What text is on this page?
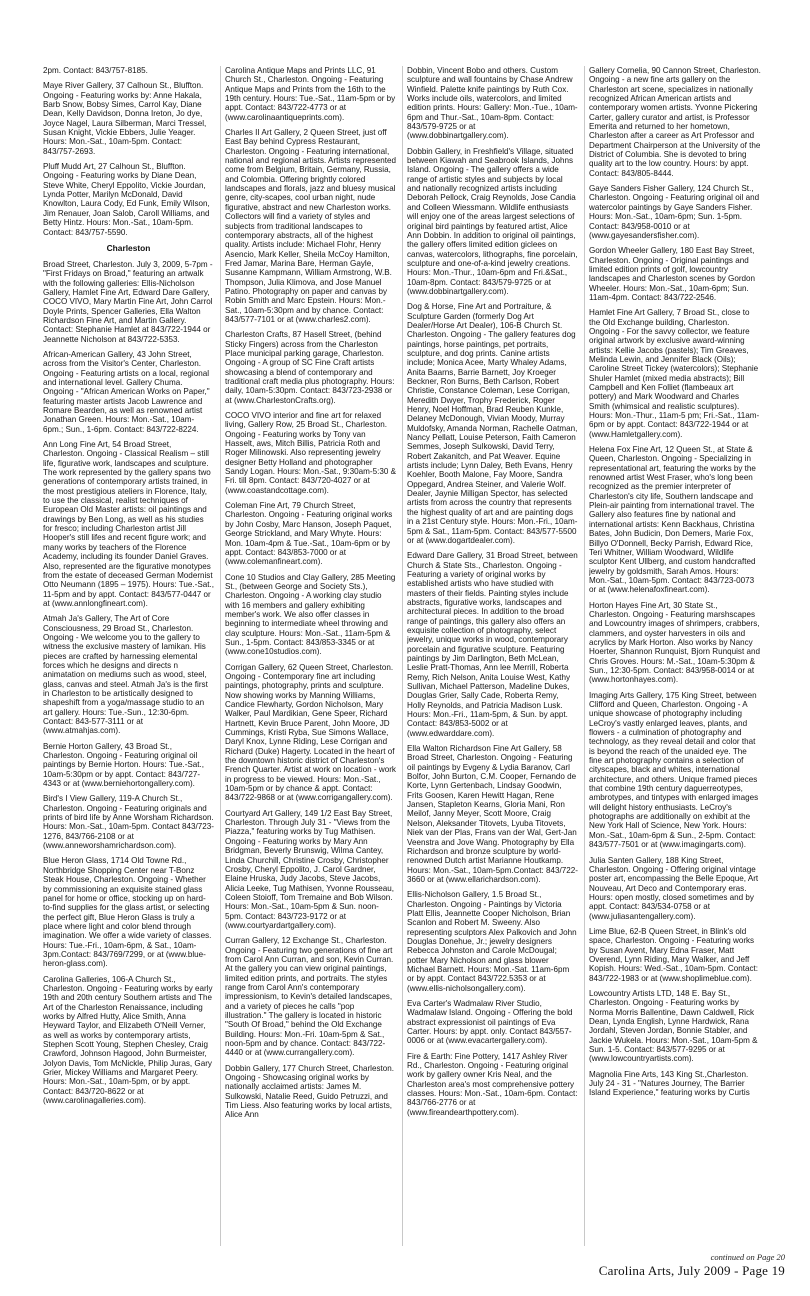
2pm. Contact: 843/757-8185.

Maye River Gallery, 37 Calhoun St., Bluffton. Ongoing - Featuring works by: Anne Hakala, Barb Snow, Bobsy Simes, Carrol Kay, Diane Dean, Kelly Davidson, Donna Ireton, Jo dye, Joyce Nagel, Laura Silberman, Marci Tressel, Susan Knight, Vickie Ebbers, Julie Yeager. Hours: Mon.-Sat., 10am-5pm. Contact: 843/757-2693.

Pluff Mudd Art, 27 Calhoun St., Bluffton. Ongoing - Featuring works by Diane Dean, Steve White, Cheryl Eppolito, Vickie Jourdan, Lynda Potter, Marilyn McDonald, David Knowlton, Laura Cody, Ed Funk, Emily Wilson, Jim Renauer, Joan Salob, Caroll Williams, and Betty Hintz. Hours: Mon.-Sat., 10am-5pm. Contact: 843/757-5590.

Charleston

Broad Street, Charleston. July 3, 2009, 5-7pm - "First Fridays on Broad," featuring an artwalk with the following galleries: Ellis-Nicholson Gallery, Hamlet Fine Art, Edward Dare Gallery, COCO VIVO, Mary Martin Fine Art, John Carrol Doyle Prints, Spencer Galleries, Ella Walton Richardson Fine Art, and Martin Gallery. Contact: Stephanie Hamlet at 843/722-1944 or Jeannette Nicholson at 843/722-5353.

African-American Gallery, 43 John Street, across from the Visitor's Center, Charleston. Ongoing - Featuring artists on a local, regional and international level. Gallery Chuma. Ongoing - "African American Works on Paper," featuring master artists Jacob Lawrence and Romare Bearden, as well as renowned artist Jonathan Green. Hours: Mon.-Sat., 10am-6pm.; Sun., 1-6pm. Contact: 843/722-8224.

Ann Long Fine Art, 54 Broad Street, Charleston. Ongoing - Classical Realism – still life, figurative work, landscapes and sculpture. The work represented by the gallery spans two generations of contemporary artists trained, in the most prestigious ateliers in Florence, Italy, to use the classical, realist techniques of European Old Master artists: oil paintings and drawings by Ben Long, as well as his studies for fresco; including Charleston artist Jill Hooper's still lifes and recent figure work; and many works by teachers of the Florence Academy, including its founder Daniel Graves. Also, represented are the figurative monotypes from the estate of deceased German Modernist Otto Neumann (1895 – 1975). Hours: Tue.-Sat., 11-5pm and by appt. Contact: 843/577-0447 or at (www.annlongfineart.com).

Atmah Ja's Gallery, The Art of Core Consciousness, 29 Broad St., Charleston. Ongoing - We welcome you to the gallery to witness the exclusive mastery of Iamikan. His pieces are crafted by harnessing elemental forces which he designs and directs n animatation on mediums such as wood, steel, glass, canvas and steel. Atmah Ja's is the first in Charleston to be artistically designed to shapeshift from a yoga/massage studio to an art gallery. Hours: Tue.-Sun., 12:30-6pm. Contact: 843-577-3111 or at (www.atmahjas.com).

Bernie Horton Gallery, 43 Broad St., Charleston. Ongoing - Featuring original oil paintings by Bernie Horton. Hours: Tue.-Sat., 10am-5:30pm or by appt. Contact: 843/727-4343 or at (www.berniehortongallery.com).

Bird's I View Gallery, 119-A Church St., Charleston. Ongoing - Featuring originals and prints of bird life by Anne Worsham Richardson. Hours: Mon.-Sat., 10am-5pm. Contact 843/723-1276, 843/766-2108 or at (www.anneworshamrichardson.com).

Blue Heron Glass, 1714 Old Towne Rd., Northbridge Shopping Center near T-Bonz Steak House, Charleston. Ongoing - Whether by commissioning an exquisite stained glass panel for home or office, stocking up on hard-to-find supplies for the glass artist, or selecting the perfect gift, Blue Heron Glass is truly a place where light and color blend through imagination. We offer a wide variety of classes. Hours: Tue.-Fri., 10am-6pm, & Sat., 10am-3pm.Contact: 843/769/7299, or at (www.blue-heron-glass.com).

Carolina Galleries, 106-A Church St., Charleston. Ongoing - Featuring works by early 19th and 20th century Southern artists and The Art of the Charleston Renaissance, including works by Alfred Hutty, Alice Smith, Anna Heyward Taylor, and Elizabeth O'Neill Verner, as well as works by contemporary artists, Stephen Scott Young, Stephen Chesley, Craig Crawford, Johnson Hagood, John Burmeister, Jolyon Davis, Tom McNickle, Philip Juras, Gary Grier, Mickey Williams and Margaret Peery. Hours: Mon.-Sat., 10am-5pm, or by appt. Contact: 843/720-8622 or at (www.carolinagalleries.com).

Carolina Antique Maps and Prints LLC, 91 Church St., Charleston. Ongoing - Featuring Antique Maps and Prints from the 16th to the 19th century. Hours: Tue.-Sat., 11am-5pm or by appt. Contact: 843/722-4773 or at (www.carolinaantiqueprints.com).

Charles II Art Gallery, 2 Queen Street, just off East Bay behind Cypress Restaurant, Charleston. Ongoing - Featuring international, national and regional artists. Artists represented come from Belgium, Britain, Germany, Russia, and Colombia. Offering brightly colored landscapes and florals, jazz and bluesy musical genre, city-scapes, cool urban night, nude figurative, abstract and new Charleston works. Collectors will find a variety of styles and subjects from traditional landscapes to contemporary abstracts, all of the highest quality. Artists include: Michael Flohr, Henry Asencio, Mark Keller, Sheila McCoy Hamilton, Fred Jamar, Marina Bare, Herman Gayle, Susanne Kampmann, William Armstrong, W.B. Thompson, Julia Klimova, and Jose Manuel Patino. Photography on paper and canvas by Robin Smith and Marc Epstein. Hours: Mon.-Sat., 10am-5:30pm and by chance. Contact: 843/577-7101 or at (www.charles2.com).

Charleston Crafts, 87 Hasell Street, (behind Sticky Fingers) across from the Charleston Place municipal parking garage, Charleston. Ongoing - A group of SC Fine Craft artists showcasing a blend of contemporary and traditional craft media plus photography. Hours: daily, 10am-5:30pm. Contact: 843/723-2938 or at (www.CharlestonCrafts.org).

COCO VIVO interior and fine art for relaxed living, Gallery Row, 25 Broad St., Charleston. Ongoing - Featuring works by Tony van Hasselt, aws, Mitch Billis, Patricia Roth and Roger Milinowski. Also representing jewelry designer Betty Holland and photographer Sandy Logan. Hours: Mon.-Sat., 9:30am-5:30 & Fri. till 8pm. Contact: 843/720-4027 or at (www.coastandcottage.com).

Coleman Fine Art, 79 Church Street, Charleston. Ongoing - Featuring original works by John Cosby, Marc Hanson, Joseph Paquet, George Strickland, and Mary Whyte. Hours: Mon. 10am-4pm & Tue.-Sat., 10am-6pm or by appt. Contact: 843/853-7000 or at (www.colemanfineart.com).

Cone 10 Studios and Clay Gallery, 285 Meeting St., (between George and Society Sts.), Charleston. Ongoing - A working clay studio with 16 members and gallery exhibiting member's work. We also offer classes in beginning to intermediate wheel throwing and clay sculpture. Hours: Mon.-Sat., 11am-5pm & Sun., 1-5pm. Contact: 843/853-3345 or at (www.cone10studios.com).

Corrigan Gallery, 62 Queen Street, Charleston. Ongoing - Contemporary fine art including paintings, photography, prints and sculpture. Now showing works by Manning Williams, Candice Flewharty, Gordon Nicholson, Mary Walker, Paul Mardikian, Gene Speer, Richard Hartnett, Kevin Bruce Parent, John Moore, JD Cummings, Kristi Ryba, Sue Simons Wallace, Daryl Knox, Lynne Riding, Lese Corrigan and Richard (Duke) Hagerty. Located in the heart of the downtown historic district of Charleston's French Quarter. Artist at work on location - work in progress to be viewed. Hours: Mon.-Sat., 10am-5pm or by chance & appt. Contact: 843/722-9868 or at (www.corrigangallery.com).

Courtyard Art Gallery, 149 1/2 East Bay Street, Charleston. Through July 31 - "Views from the Piazza," featuring works by Tug Mathisen. Ongoing - Featuring works by Mary Ann Bridgman, Beverly Brunswig, Wilma Cantey, Linda Churchill, Christine Crosby, Christopher Crosby, Cheryl Eppolito, J. Carol Gardner, Elaine Hruska, Judy Jacobs, Steve Jacobs, Alicia Leeke, Tug Mathisen, Yvonne Rousseau, Coleen Stoioff, Tom Tremaine and Bob Wilson. Hours: Mon.-Sat., 10am-5pm & Sun. noon-5pm. Contact: 843/723-9172 or at (www.courtyardartgallery.com).

Curran Gallery, 12 Exchange St., Charleston. Ongoing - Featuring two generations of fine art from Carol Ann Curran, and son, Kevin Curran. At the gallery you can view original paintings, limited edition prints, and portraits. The styles range from Carol Ann's contemporary impressionism, to Kevin's detailed landscapes, and a variety of pieces he calls "pop illustration." The gallery is located in historic "South Of Broad," behind the Old Exchange Building. Hours: Mon.-Fri. 10am-5pm & Sat., noon-5pm and by chance. Contact: 843/722-4440 or at (www.currangallery.com).

Dobbin Gallery, 177 Church Street, Charleston. Ongoing - Showcasing original works by nationally acclaimed artists: James M. Sulkowski, Natalie Reed, Guido Petruzzi, and Tim Liess. Also featuring works by local artists, Alice Ann

Dobbin, Vincent Bobo and others. Custom sculpture and wall fountains by Chase Andrew Winfield. Palette knife paintings by Ruth Cox. Works include oils, watercolors, and limited edition prints. Hours: Gallery: Mon.-Tue., 10am-6pm and Thur.-Sat., 10am-8pm. Contact: 843/579-9725 or at (www.dobbinartgallery.com).

Dobbin Gallery, in Freshfield's Village, situated between Kiawah and Seabrook Islands, Johns Island. Ongoing - The gallery offers a wide range of artistic styles and subjects by local and nationally recognized artists including Deborah Pellock, Craig Reynolds, Jose Candia and Colleen Wiessmann. Wildlife enthusiasts will enjoy one of the areas largest selections of original bird paintings by featured artist, Alice Ann Dobbin. In addition to original oil paintings, the gallery offers limited edition giclees on canvas, watercolors, lithographs, fine porcelain, sculpture and one-of-a-kind jewelry creations. Hours: Mon.-Thur., 10am-6pm and Fri.&Sat., 10am-8pm. Contact: 843/579-9725 or at (www.dobbinartgallery.com).

Dog & Horse, Fine Art and Portraiture, & Sculpture Garden (formerly Dog Art Dealer/Horse Art Dealer), 106-B Church St. Charleston. Ongoing - The gallery features dog paintings, horse paintings, pet portraits, sculpture, and dog prints. Canine artists include; Monica Acee, Marty Whaley Adams, Anita Baarns, Barrie Barnett, Joy Kroeger Beckner, Ron Burns, Beth Carlson, Robert Christie, Constance Coleman, Lese Corrigan, Meredith Dwyer, Trophy Frederick, Roger Henry, Noel Hoffman, Brad Reuben Kunkle, Delaney McDonough, Vivian Moody, Murray Muldofsky, Amanda Norman, Rachelle Oatman, Nancy Pellatt, Louise Peterson, Faith Cameron Semmes, Joseph Sulkowski, David Terry, Robert Zakanitch, and Pat Weaver. Equine artists include; Lynn Daley, Beth Evans, Henry Koehler, Booth Malone, Fay Moore, Sandra Oppegard, Andrea Steiner, and Valerie Wolf. Dealer, Jaynie Milligan Spector, has selected artists from across the country that represents the highest quality of art and are painting dogs in a 21st Century style. Hours: Mon.-Fri., 10am-5pm & Sat., 11am-5pm. Contact: 843/577-5500 or at (www.dogartdealer.com).

Edward Dare Gallery, 31 Broad Street, between Church & State Sts., Charleston. Ongoing - Featuring a variety of original works by established artists who have studied with masters of their fields. Painting styles include abstracts, figurative works, landscapes and architectural pieces. In addition to the broad range of paintings, this gallery also offers an exquisite collection of photography, select jewelry, unique works in wood, contemporary porcelain and figurative sculpture. Featuring paintings by Jim Darlington, Beth McLean, Leslie Pratt-Thomas, Ann lee Merrill, Roberta Remy, Rich Nelson, Anita Louise West, Kathy Sullivan, Michael Patterson, Madeline Dukes, Douglas Grier, Sally Cade, Roberta Remy, Holly Reynolds, and Patricia Madison Lusk. Hours: Mon.-Fri., 11am-5pm, & Sun. by appt. Contact: 843/853-5002 or at (www.edwarddare.com).

Ella Walton Richardson Fine Art Gallery, 58 Broad Street, Charleston. Ongoing - Featuring oil paintings by Evgeny & Lydia Baranov, Carl Bolfor, John Burton, C.M. Cooper, Fernando de Korte, Lynn Gertenbach, Lindsay Goodwin, Frits Goosen, Karen Hewitt Hagan, Rene Jansen, Stapleton Kearns, Gloria Mani, Ron Meilof, Janny Meyer, Scott Moore, Craig Nelson, Aleksander Titovets, Lyuba Titovets, Niek van der Plas, Frans van der Wal, Gert-Jan Veenstra and Jove Wang. Photography by Ella Richardson and bronze sculpture by world-renowned Dutch artist Marianne Houtkamp. Hours: Mon.-Sat., 10am-5pm.Contact: 843/722-3660 or at (www.ellarichardson.com).

Ellis-Nicholson Gallery, 1.5 Broad St., Charleston. Ongoing - Paintings by Victoria Platt Ellis, Jeannette Cooper Nicholson, Brian Scanlon and Robert M. Sweeny. Also representing sculptors Alex Palkovich and John Douglas Donehue, Jr.; jewelry designers Rebecca Johnston and Carole McDougal; potter Mary Nicholson and glass blower Michael Barnett. Hours: Mon.-Sat. 11am-6pm or by appt. Contact 843/722.5353 or at (www.ellis-nicholsongallery.com).

Eva Carter's Wadmalaw River Studio, Wadmalaw Island. Ongoing - Offering the bold abstract expressionist oil paintings of Eva Carter. Hours: by appt. only. Contact 843/557-0006 or at (www.evacartergallery.com).

Fire & Earth: Fine Pottery, 1417 Ashley River Rd., Charleston. Ongoing - Featuring original work by gallery owner Kris Neal, and the Charleston area's most comprehensive pottery classes. Hours: Mon.-Sat., 10am-6pm. Contact: 843/766-2776 or at (www.fireandearthpottery.com).

Gallery Cornelia, 90 Cannon Street, Charleston. Ongoing - a new fine arts gallery on the Charleston art scene, specializes in nationally recognized African American artists and contemporary women artists. Yvonne Pickering Carter, gallery curator and artist, is Professor Emerita and returned to her hometown, Charleston after a career as Art Professor and Department Chairperson at the University of the District of Columbia. She is devoted to bring quality art to the low country. Hours: by appt. Contact: 843/805-8444.

Gaye Sanders Fisher Gallery, 124 Church St., Charleston. Ongoing - Featuring original oil and watercolor paintings by Gaye Sanders Fisher. Hours: Mon.-Sat., 10am-6pm; Sun. 1-5pm. Contact: 843/958-0010 or at (www.gayesandersfisher.com).

Gordon Wheeler Gallery, 180 East Bay Street, Charleston. Ongoing - Original paintings and limited edition prints of golf, lowcountry landscapes and Charleston scenes by Gordon Wheeler. Hours: Mon.-Sat., 10am-6pm; Sun. 11am-4pm. Contact: 843/722-2546.

Hamlet Fine Art Gallery, 7 Broad St., close to the Old Exchange building, Charleston. Ongoing - For the savvy collector, we feature original artwork by exclusive award-winning artists: Kellie Jacobs (pastels); Tim Greaves, Melinda Lewin, and Jennifer Black (Oils); Caroline Street Tickey (watercolors); Stephanie Shuler Hamlet (mixed media abstracts); Bill Campbell and Ken Folliet (flambeaux art pottery) and Mark Woodward and Charles Smith (whimsical and realistic sculptures). Hours: Mon.-Thur., 11am-5 pm; Fri.-Sat., 11am-6pm or by appt. Contact: 843/722-1944 or at (www.Hamletgallery.com).

Helena Fox Fine Art, 12 Queen St., at State & Queen, Charleston. Ongoing - Specializing in representational art, featuring the works by the renowned artist West Fraser, who's long been recognized as the premier interpreter of Charleston's city life, Southern landscape and Plein-air painting from international travel. The Gallery also features fine by national and international artists: Kenn Backhaus, Christina Bates, John Budicin, Don Demers, Marie Fox, Billyo O'Donnell, Becky Parrish, Edward Rice, Teri Whitner, William Woodward, Wildlife sculptor Kent Ullberg, and custom handcrafted jewelry by goldsmith, Sarah Amos. Hours: Mon.-Sat., 10am-5pm. Contact: 843/723-0073 or at (www.helenafoxfineart.com).

Horton Hayes Fine Art, 30 State St., Charleston. Ongoing - Featuring marshscapes and Lowcountry images of shrimpers, crabbers, clammers, and oyster harvesters in oils and acrylics by Mark Horton. Also works by Nancy Hoerter, Shannon Runquist, Bjorn Runquist and Chris Groves. Hours: M.-Sat., 10am-5:30pm & Sun., 12:30-5pm. Contact: 843/958-0014 or at (www.hortonhayes.com).

Imaging Arts Gallery, 175 King Street, between Clifford and Queen, Charleston. Ongoing - A unique showcase of photography including LeCroy's vastly enlarged leaves, plants, and flowers - a culmination of photography and technology, as they reveal detail and color that is beyond the reach of the unaided eye. The fine art photography contains a selection of cityscapes, black and whites, international architecture, and others. Unique framed pieces that combine 19th century daguerreotypes, ambrotypes, and tintypes with enlarged images will delight history enthusiasts. LeCroy's photographs are additionally on exhibit at the New York Hall of Science, New York. Hours: Mon.-Sat., 10am-6pm & Sun., 2-5pm. Contact: 843/577-7501 or at (www.imagingarts.com).

Julia Santen Gallery, 188 King Street, Charleston. Ongoing - Offering original vintage poster art, encompassing the Belle Epoque, Art Nouveau, Art Deco and Contemporary eras. Hours: open mostly, closed sometimes and by appt. Contact: 843/534-0758 or at (www.juliasantengallery.com).

Lime Blue, 62-B Queen Street, in Blink's old space, Charleston. Ongoing - Featuring works by Susan Avent, Mary Edna Fraser, Matt Overend, Lynn Riding, Mary Walker, and Jeff Kopish. Hours: Wed.-Sat., 10am-5pm. Contact: 843/722-1983 or at (www.shoplimeblue.com).

Lowcountry Artists LTD, 148 E. Bay St., Charleston. Ongoing - Featuring works by Norma Morris Ballentine, Dawn Caldwell, Rick Dean, Lynda English, Lynne Hardwick, Rana Jordahl, Steven Jordan, Bonnie Stabler, and Jackie Wukela. Hours: Mon.-Sat., 10am-5pm & Sun. 1-5. Contact: 843/577-9295 or at (www.lowcountryartists.com).

Magnolia Fine Arts, 143 King St.,Charleston. July 24 - 31 - "Natures Journey, The Barrier Island Experience," featuring works by Curtis

continued on Page 20
Carolina Arts, July 2009 - Page 19
